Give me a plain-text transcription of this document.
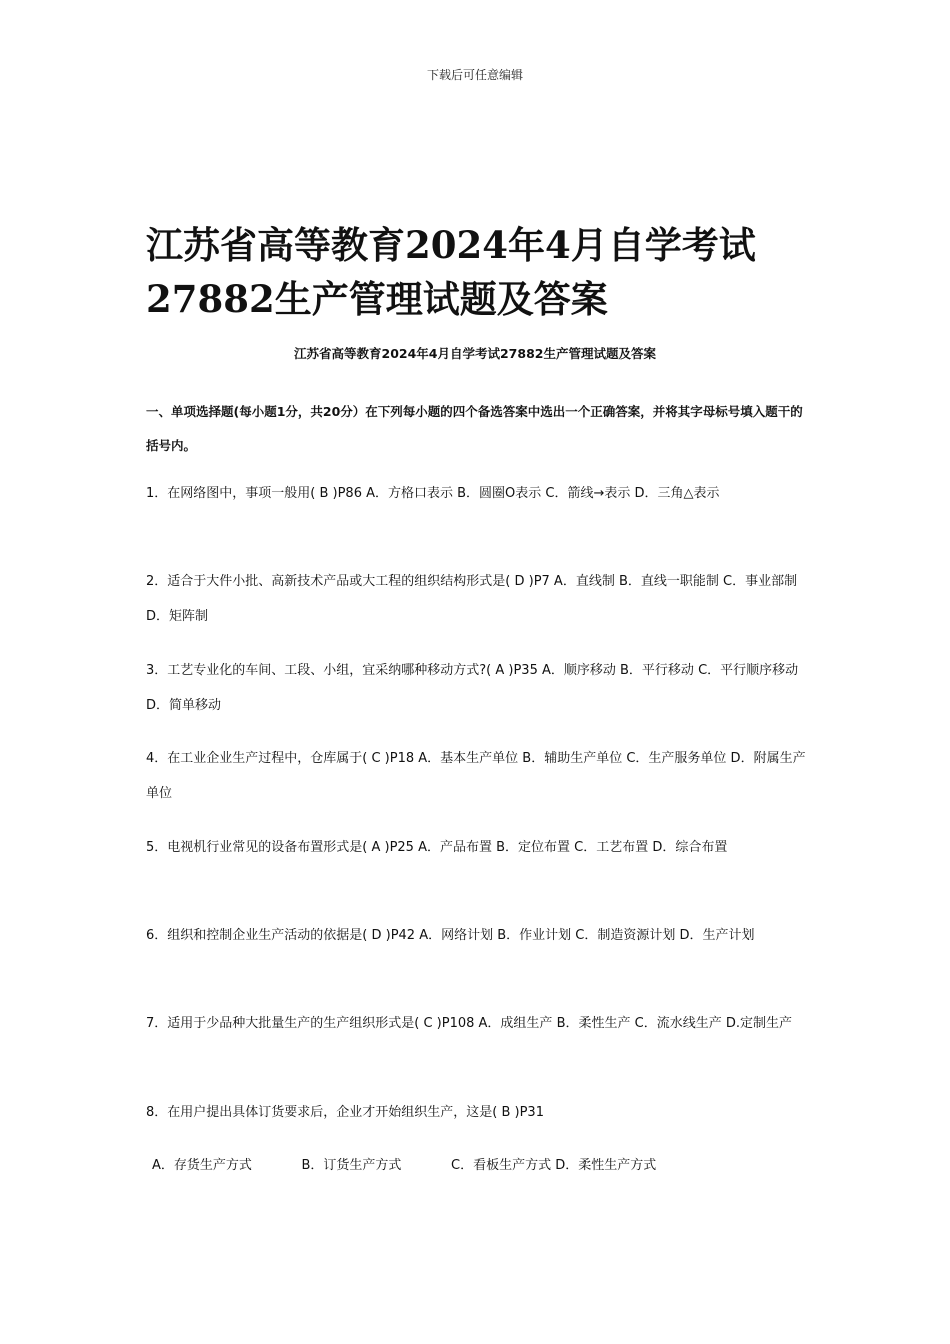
下载后可任意编辑
江苏省高等教育2024年4月自学考试27882生产管理试题及答案
江苏省高等教育2024年4月自学考试27882生产管理试题及答案
一、单项选择题(每小题1分，共20分）在下列每小题的四个备选答案中选出一个正确答案，并将其字母标号填入题干的括号内。

1．在网络图中，事项一般用( B )P86 A．方格口表示 B．圆圈O表示 C．箭线→表示 D．三角△表示

2．适合于大件小批、高新技术产品或大工程的组织结构形式是( D )P7 A．直线制 B．直线一职能制 C．事业部制 D．矩阵制

3．工艺专业化的车间、工段、小组，宜采纳哪种移动方式?( A )P35 A．顺序移动 B．平行移动 C．平行顺序移动 D．简单移动

4．在工业企业生产过程中，仓库属于( C )P18 A．基本生产单位 B．辅助生产单位 C．生产服务单位 D．附属生产单位

5．电视机行业常见的设备布置形式是( A )P25 A．产品布置 B．定位布置 C．工艺布置 D．综合布置

6．组织和控制企业生产活动的依据是( D )P42 A．网络计划 B．作业计划 C．制造资源计划 D．生产计划

7．适用于少品种大批量生产的生产组织形式是( C )P108 A．成组生产 B．柔性生产 C．流水线生产 D.定制生产

8．在用户提出具体订货要求后，企业才开始组织生产，这是( B )P31

A．存货生产方式            B．订货生产方式            C．看板生产方式 D．柔性生产方式
